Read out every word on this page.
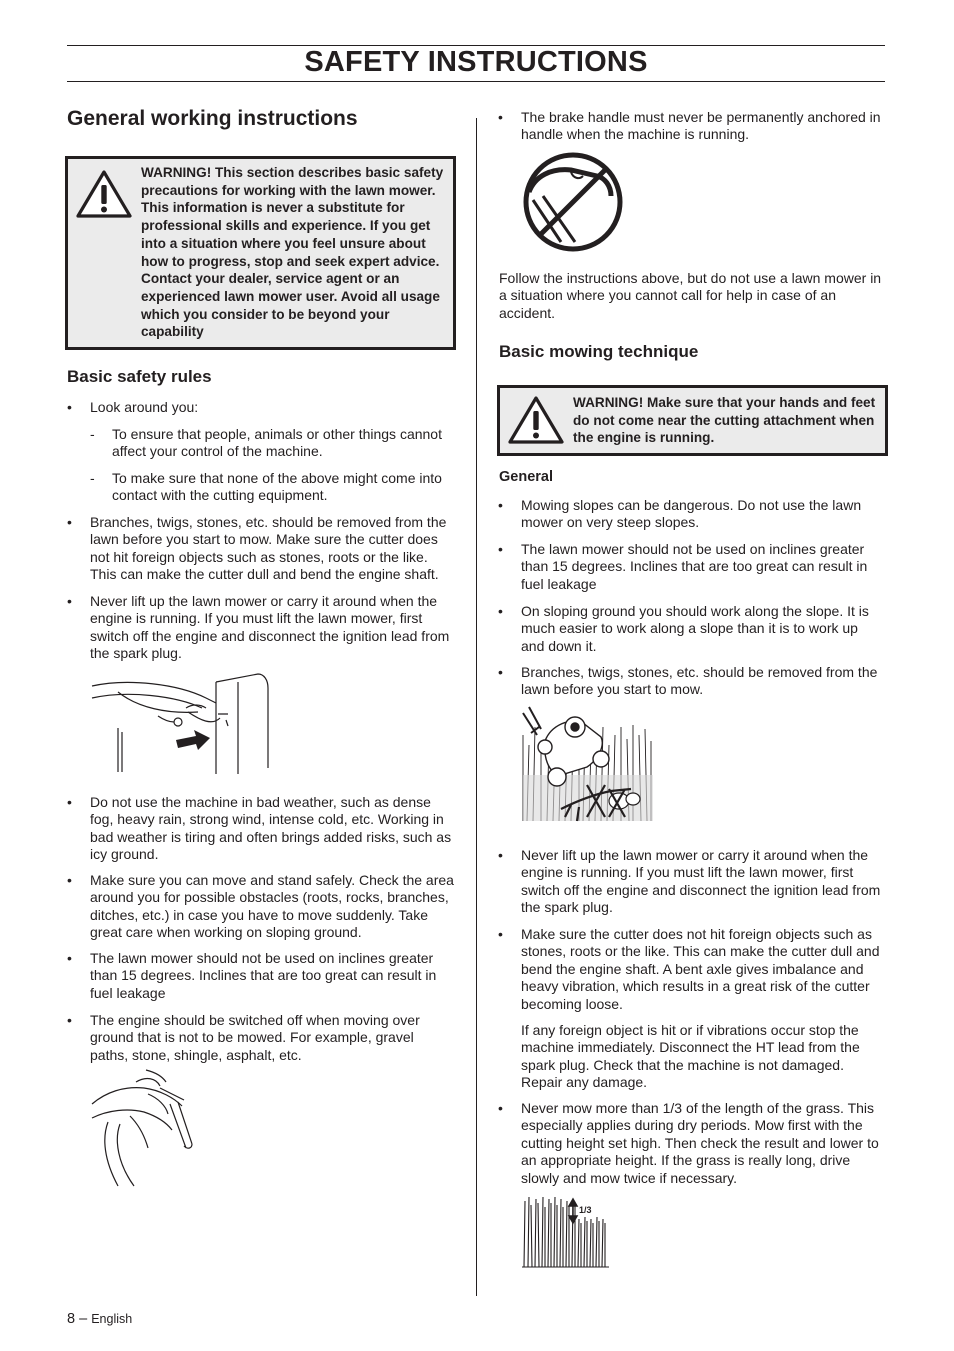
SAFETY INSTRUCTIONS
General working instructions
WARNING! This section describes basic safety precautions for working with the lawn mower. This information is never a substitute for professional skills and experience. If you get into a situation where you feel unsure about how to progress, stop and seek expert advice. Contact your dealer, service agent or an experienced lawn mower user. Avoid all usage which you consider to be beyond your capability
Basic safety rules
• Look around you:
- To ensure that people, animals or other things cannot affect your control of the machine.
- To make sure that none of the above might come into contact with the cutting equipment.
• Branches, twigs, stones, etc. should be removed from the lawn before you start to mow. Make sure the cutter does not hit foreign objects such as stones, roots or the like. This can make the cutter dull and bend the engine shaft.
• Never lift up the lawn mower or carry it around when the engine is running. If you must lift the lawn mower, first switch off the engine and disconnect the ignition lead from the spark plug.
• Do not use the machine in bad weather, such as dense fog, heavy rain, strong wind, intense cold, etc. Working in bad weather is tiring and often brings added risks, such as icy ground.
• Make sure you can move and stand safely. Check the area around you for possible obstacles (roots, rocks, branches, ditches, etc.) in case you have to move suddenly. Take great care when working on sloping ground.
• The lawn mower should not be used on inclines greater than 15 degrees. Inclines that are too great can result in fuel leakage
• The engine should be switched off when moving over ground that is not to be mowed. For example, gravel paths, stone, shingle, asphalt, etc.
• The brake handle must never be permanently anchored in handle when the machine is running.
Follow the instructions above, but do not use a lawn mower in a situation where you cannot call for help in case of an accident.
Basic mowing technique
WARNING! Make sure that your hands and feet do not come near the cutting attachment when the engine is running.
General
• Mowing slopes can be dangerous. Do not use the lawn mower on very steep slopes.
• The lawn mower should not be used on inclines greater than 15 degrees. Inclines that are too great can result in fuel leakage
• On sloping ground you should work along the slope. It is much easier to work along a slope than it is to work up and down it.
• Branches, twigs, stones, etc. should be removed from the lawn before you start to mow.
• Never lift up the lawn mower or carry it around when the engine is running. If you must lift the lawn mower, first switch off the engine and disconnect the ignition lead from the spark plug.
• Make sure the cutter does not hit foreign objects such as stones, roots or the like. This can make the cutter dull and bend the engine shaft. A bent axle gives imbalance and heavy vibration, which results in a great risk of the cutter becoming loose.
If any foreign object is hit or if vibrations occur stop the machine immediately. Disconnect the HT lead from the spark plug. Check that the machine is not damaged. Repair any damage.
• Never mow more than 1/3 of the length of the grass. This especially applies during dry periods. Mow first with the cutting height set high. Then check the result and lower to an appropriate height. If the grass is really long, drive slowly and mow twice if necessary.
1/3
8 – English
